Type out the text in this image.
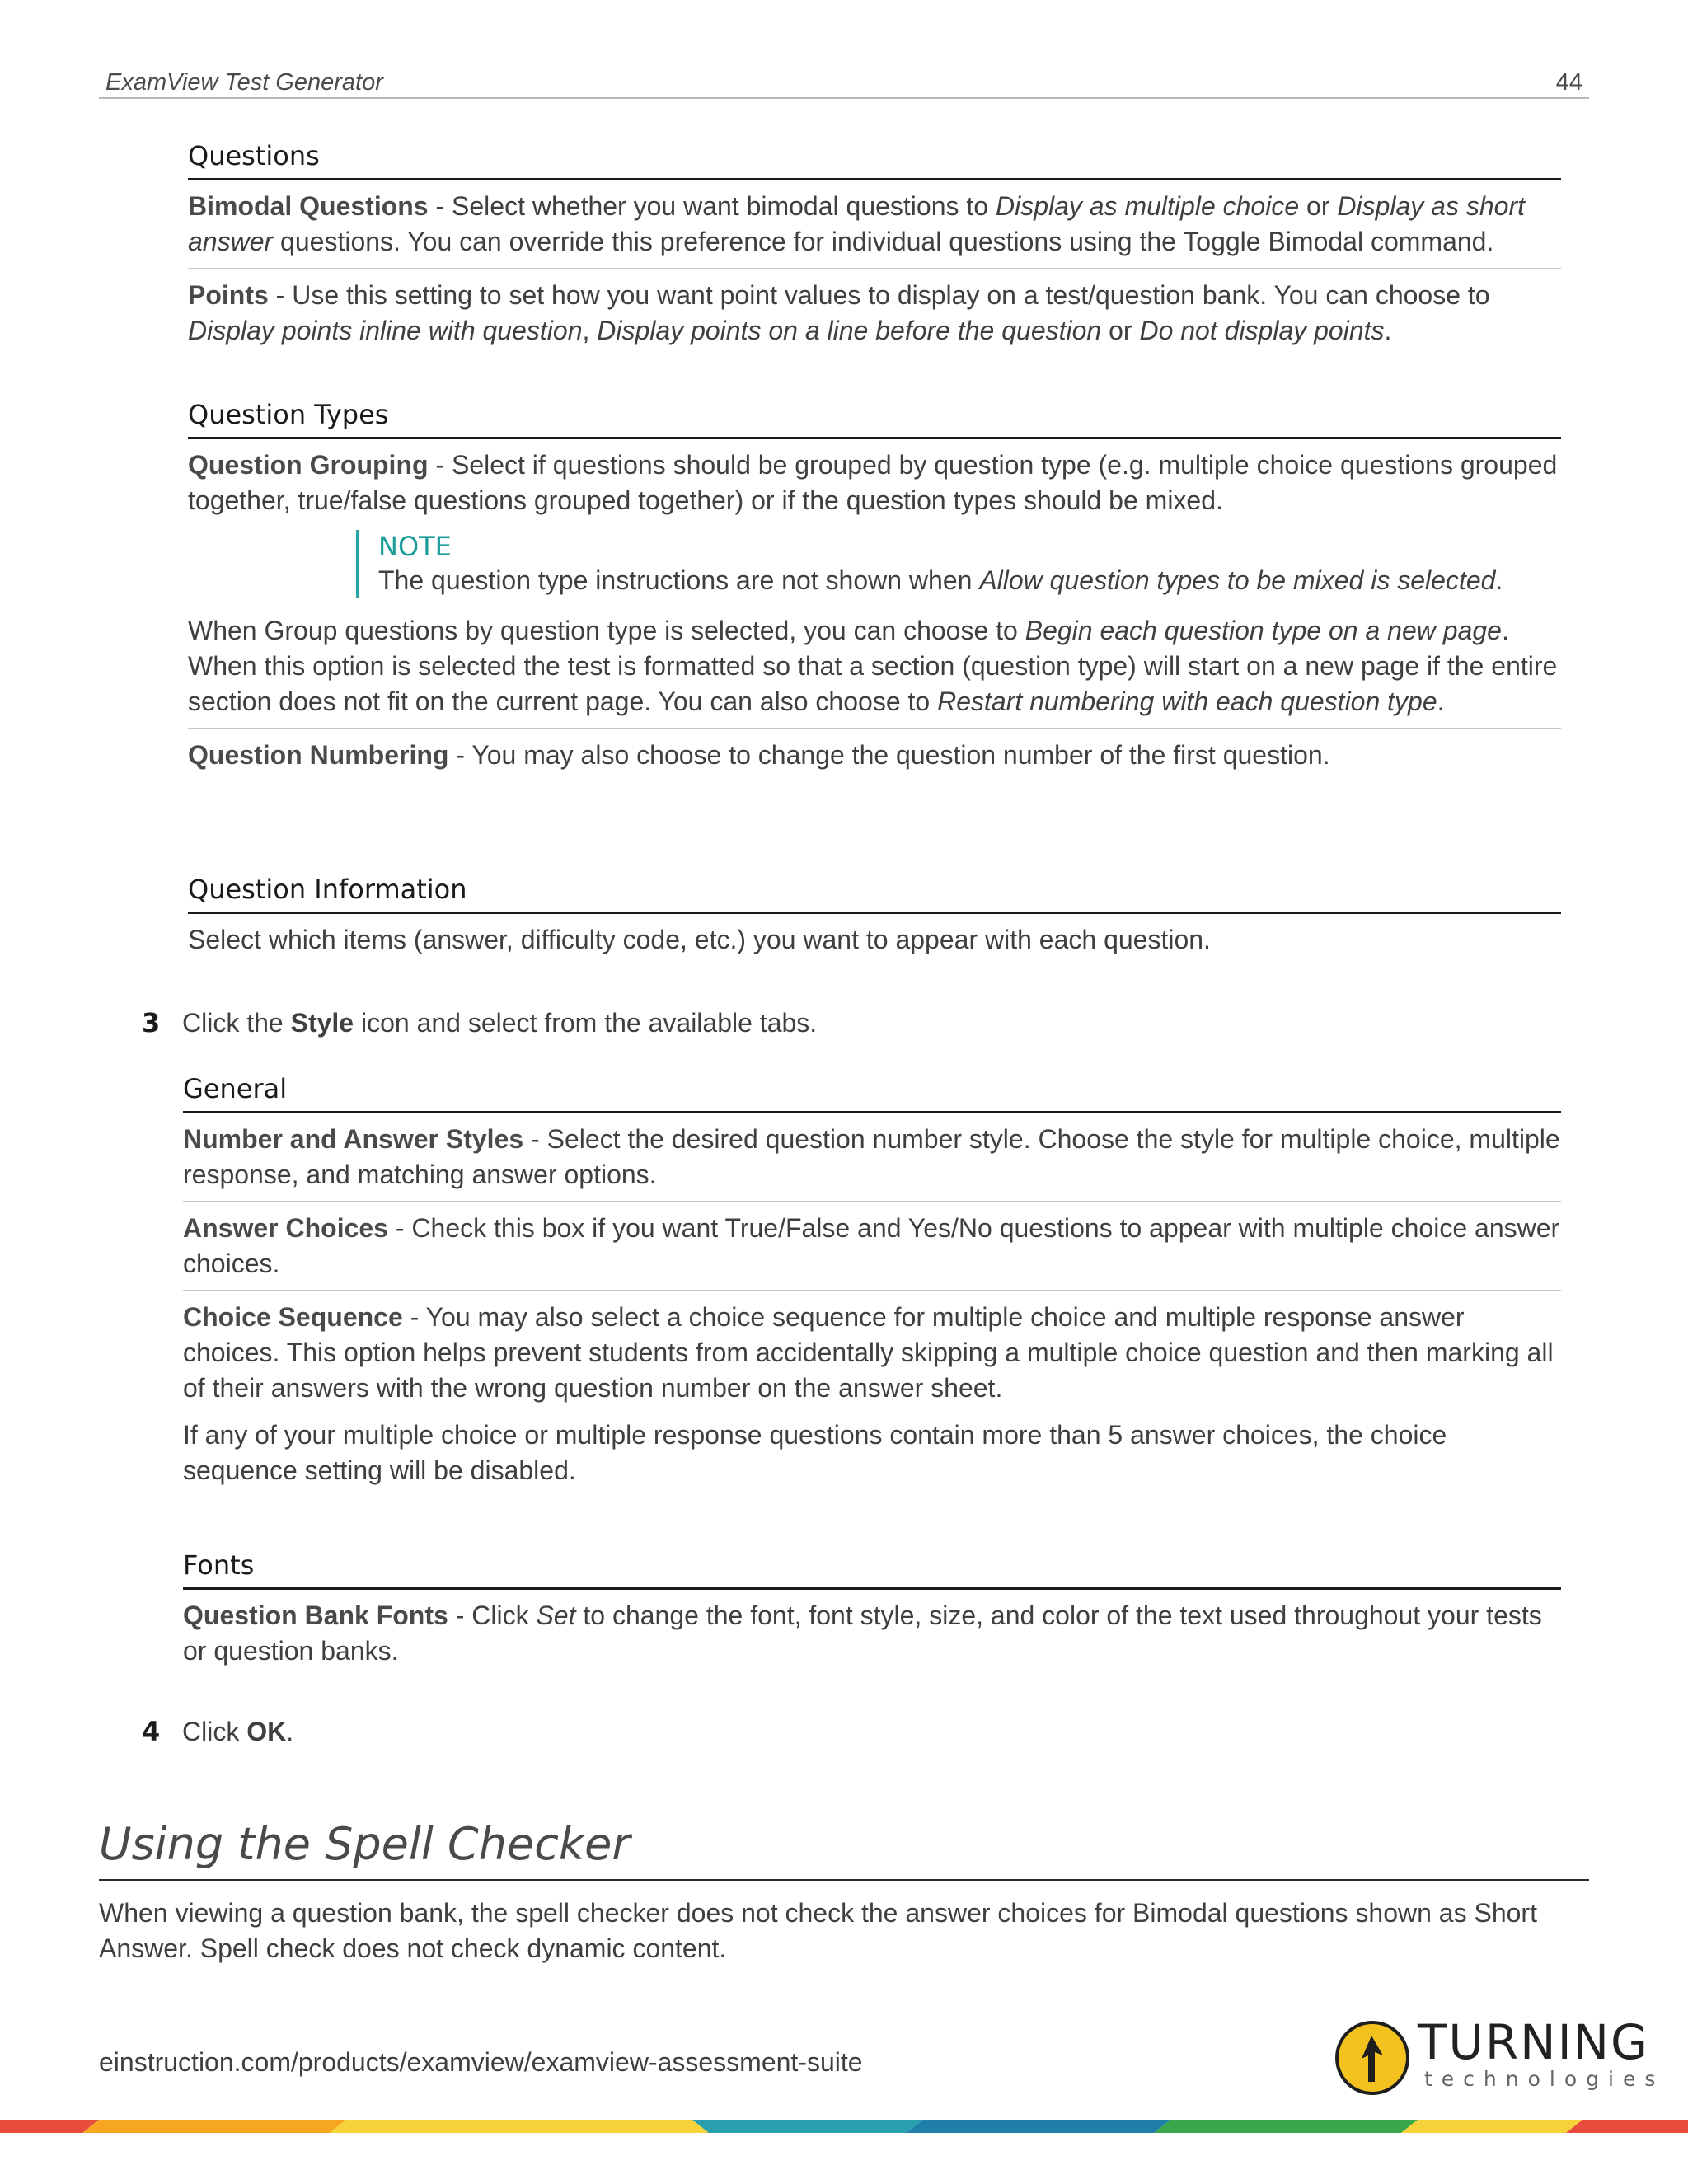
ExamView Test Generator	44
Questions
Bimodal Questions - Select whether you want bimodal questions to Display as multiple choice or Display as short answer questions. You can override this preference for individual questions using the Toggle Bimodal command.
Points - Use this setting to set how you want point values to display on a test/question bank. You can choose to Display points inline with question, Display points on a line before the question or Do not display points.
Question Types
Question Grouping - Select if questions should be grouped by question type (e.g. multiple choice questions grouped together, true/false questions grouped together) or if the question types should be mixed.
NOTE
The question type instructions are not shown when Allow question types to be mixed is selected.
When Group questions by question type is selected, you can choose to Begin each question type on a new page. When this option is selected the test is formatted so that a section (question type) will start on a new page if the entire section does not fit on the current page. You can also choose to Restart numbering with each question type.
Question Numbering - You may also choose to change the question number of the first question.
Question Information
Select which items (answer, difficulty code, etc.) you want to appear with each question.
3 Click the Style icon and select from the available tabs.
General
Number and Answer Styles - Select the desired question number style. Choose the style for multiple choice, multiple response, and matching answer options.
Answer Choices - Check this box if you want True/False and Yes/No questions to appear with multiple choice answer choices.
Choice Sequence - You may also select a choice sequence for multiple choice and multiple response answer choices. This option helps prevent students from accidentally skipping a multiple choice question and then marking all of their answers with the wrong question number on the answer sheet.
If any of your multiple choice or multiple response questions contain more than 5 answer choices, the choice sequence setting will be disabled.
Fonts
Question Bank Fonts - Click Set to change the font, font style, size, and color of the text used throughout your tests or question banks.
4 Click OK.
Using the Spell Checker
When viewing a question bank, the spell checker does not check the answer choices for Bimodal questions shown as Short Answer. Spell check does not check dynamic content.
einstruction.com/products/examview/examview-assessment-suite	TURNING
technologies
